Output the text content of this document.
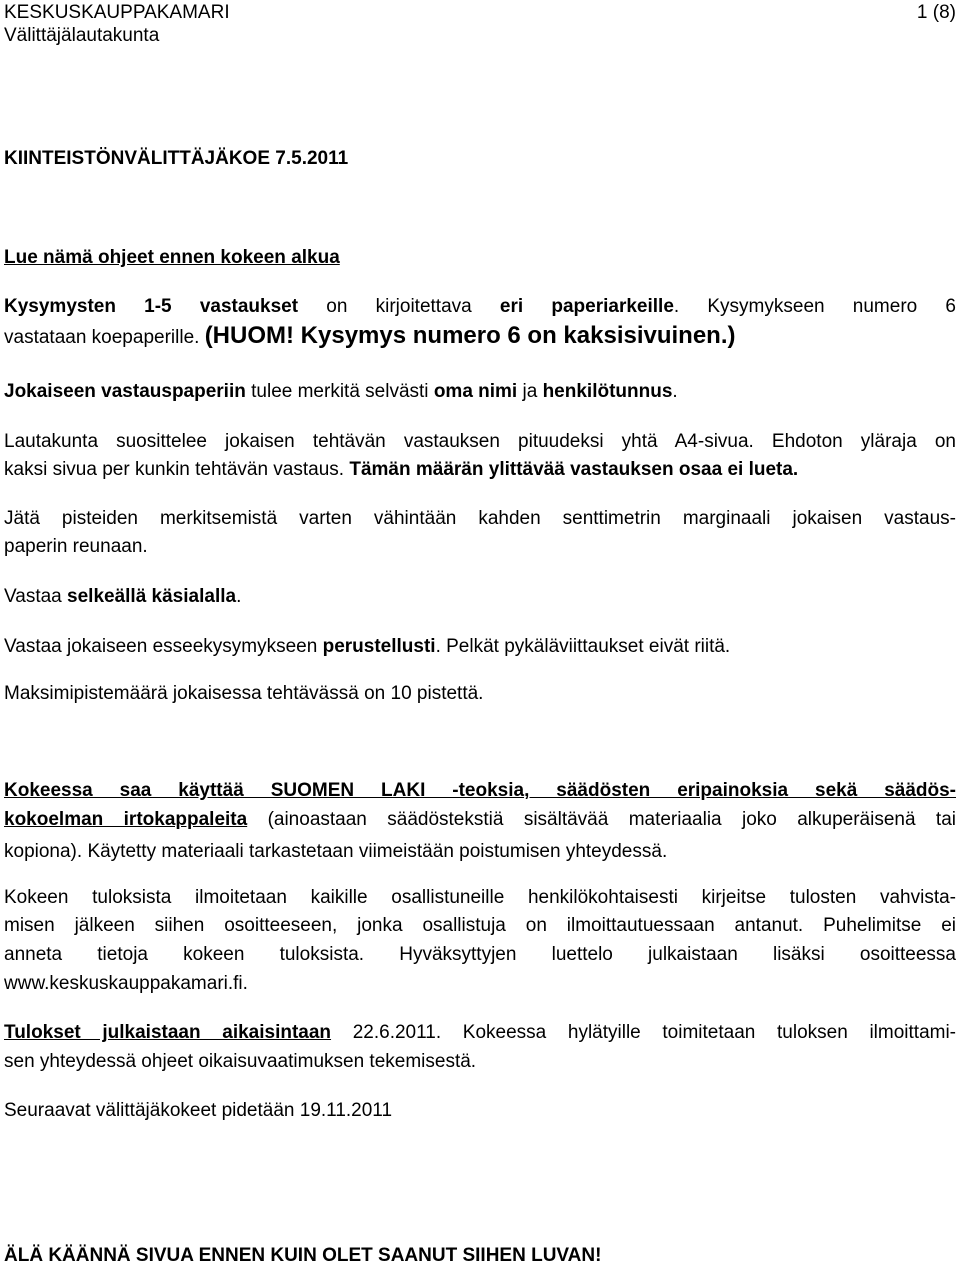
KESKUSKAUPPAKAMARI
Välittäjälautakunta
1 (8)
KIINTEISTÖNVÄLITTÄJÄKOE 7.5.2011
Lue nämä ohjeet ennen kokeen alkua
Kysymysten 1-5 vastaukset on kirjoitettava eri paperiarkeille. Kysymykseen numero 6
vastataan koepaperille. (HUOM! Kysymys numero 6 on kaksisivuinen.)
Jokaiseen vastauspaperiin tulee merkitä selvästi oma nimi ja henkilötunnus.
Lautakunta suosittelee jokaisen tehtävän vastauksen pituudeksi yhtä A4-sivua. Ehdoton yläraja on
kaksi sivua per kunkin tehtävän vastaus. Tämän määrän ylittävää vastauksen osaa ei lueta.
Jätä pisteiden merkitsemistä varten vähintään kahden senttimetrin marginaali jokaisen vastaus-
paperin reunaan.
Vastaa selkeällä käsialalla.
Vastaa jokaiseen esseekysymykseen perustellusti. Pelkät pykäläviittaukset eivät riitä.
Maksimipistemäärä jokaisessa tehtävässä on 10 pistettä.
Kokeessa saa käyttää SUOMEN LAKI -teoksia, säädösten eripainoksia sekä säädös-
kokoelman irtokappaleita (ainoastaan säädöstekstiä sisältävää materiaalia joko alkuperäisenä tai
kopiona). Käytetty materiaali tarkastetaan viimeistään poistumisen yhteydessä.
Kokeen tuloksista ilmoitetaan kaikille osallistuneille henkilökohtaisesti kirjeitse tulosten vahvista-
misen jälkeen siihen osoitteeseen, jonka osallistuja on ilmoittautuessaan antanut. Puhelimitse ei
anneta tietoja kokeen tuloksista. Hyväksyttyjen luettelo julkaistaan lisäksi osoitteessa
www.keskuskauppakamari.fi.
Tulokset julkaistaan aikaisintaan 22.6.2011. Kokeessa hylätyille toimitetaan tuloksen ilmoittami-
sen yhteydessä ohjeet oikaisuvaatimuksen tekemisestä.
Seuraavat välittäjäkokeet pidetään 19.11.2011
ÄLÄ KÄÄNNÄ SIVUA ENNEN KUIN OLET SAANUT SIIHEN LUVAN!
